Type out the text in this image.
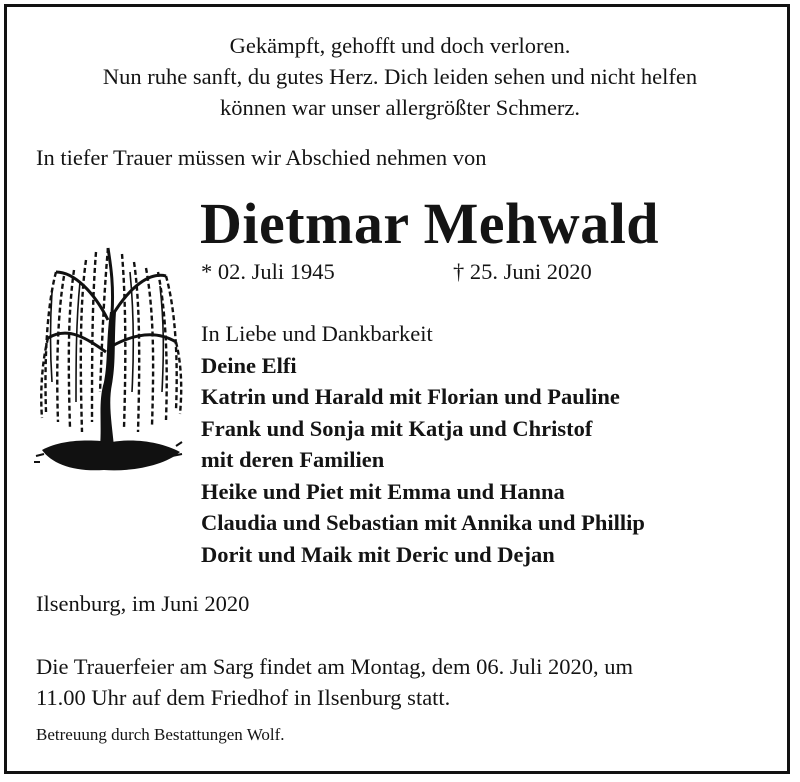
Gekämpft, gehofft und doch verloren.
Nun ruhe sanft, du gutes Herz. Dich leiden sehen und nicht helfen
können war unser allergrößter Schmerz.
In tiefer Trauer müssen wir Abschied nehmen von
Dietmar Mehwald
* 02. Juli 1945	† 25. Juni 2020
In Liebe und Dankbarkeit
Deine Elfi
Katrin und Harald mit Florian und Pauline
Frank und Sonja mit Katja und Christof
mit deren Familien
Heike und Piet mit Emma und Hanna
Claudia und Sebastian mit Annika und Phillip
Dorit und Maik mit Deric und Dejan
Ilsenburg, im Juni 2020
Die Trauerfeier am Sarg findet am Montag, dem 06. Juli 2020, um
11.00 Uhr auf dem Friedhof in Ilsenburg statt.
Betreuung durch Bestattungen Wolf.
